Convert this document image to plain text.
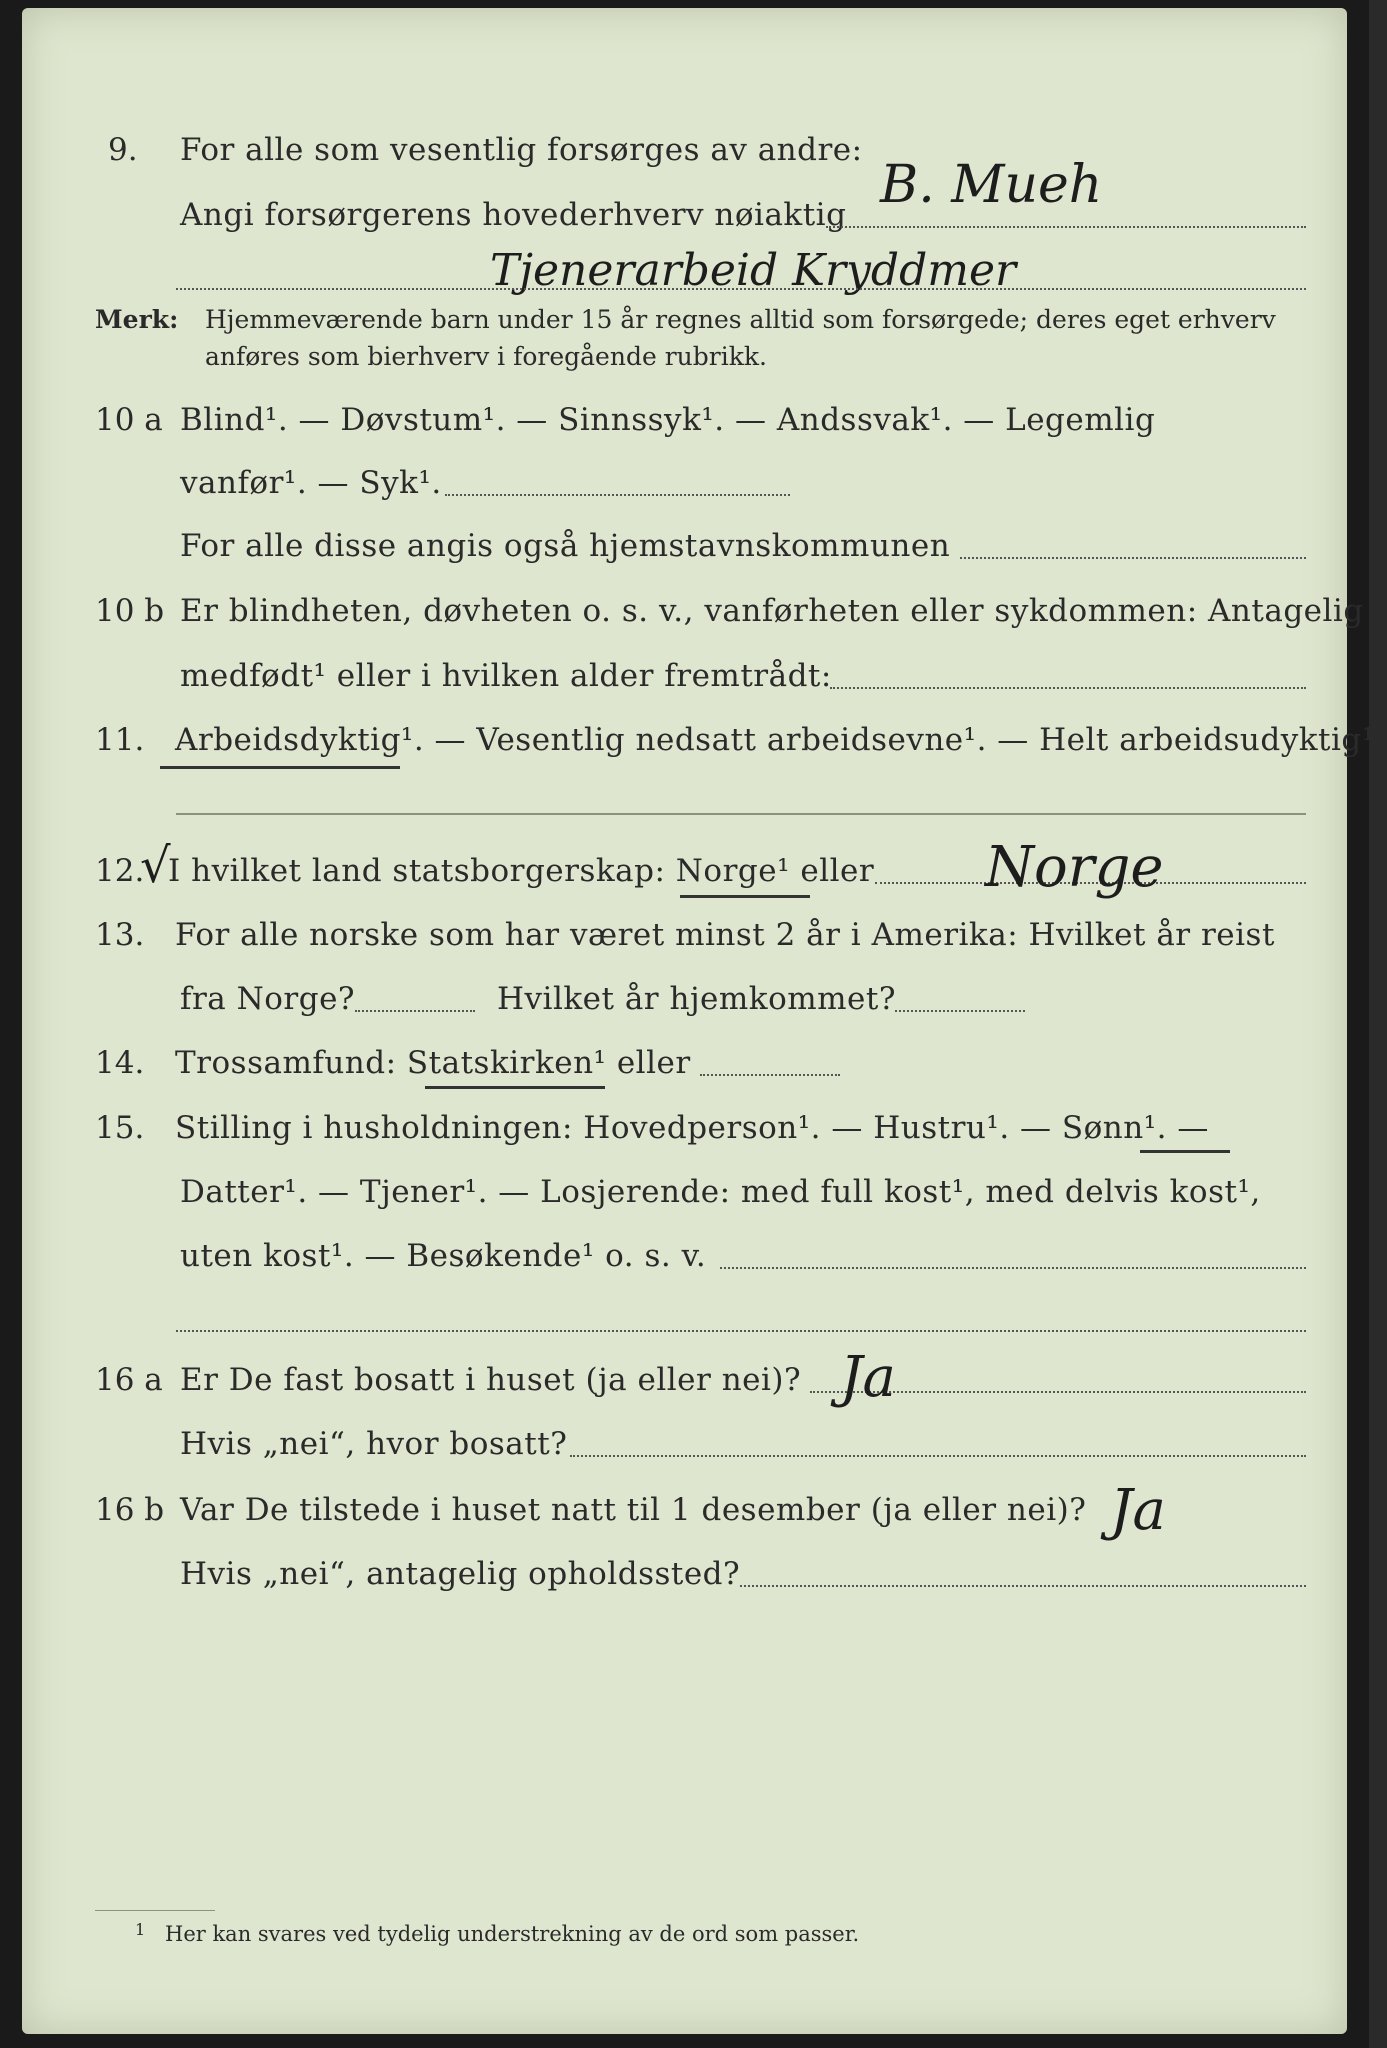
9. For alle som vesentlig forsørges av andre:
B. Mueh
Angi forsørgerens hovederhverv nøiaktig
Tjenerarbeid Kryddmer
Merk: Hjemmeværende barn under 15 år regnes alltid som forsørgede; deres eget erhverv
anføres som bierhverv i foregående rubrikk.
10 a Blind¹. — Døvstum¹. — Sinnssyk¹. — Andssvak¹. — Legemlig
vanfør¹. — Syk¹.
For alle disse angis også hjemstavnskommunen
10 b Er blindheten, døvheten o. s. v., vanførheten eller sykdommen: Antagelig
medfødt¹ eller i hvilken alder fremtrådt:
11. Arbeidsdyktig¹. — Vesentlig nedsatt arbeidsevne¹. — Helt arbeidsudyktig¹.
12.
√
I hvilket land statsborgerskap: Norge¹ eller Norge
13. For alle norske som har været minst 2 år i Amerika: Hvilket år reist
fra Norge?	Hvilket år hjemkommet?
14. Trossamfund: Statskirken¹ eller
15. Stilling i husholdningen: Hovedperson¹. — Hustru¹. — Sønn¹. —
Datter¹. — Tjener¹. — Losjerende: med full kost¹, med delvis kost¹,
uten kost¹. — Besøkende¹ o. s. v.
16 a Er De fast bosatt i huset (ja eller nei)? Ja
Hvis „nei“, hvor bosatt?
16 b Var De tilstede i huset natt til 1 desember (ja eller nei)? Ja
Hvis „nei“, antagelig opholdssted?
1 Her kan svares ved tydelig understrekning av de ord som passer.
